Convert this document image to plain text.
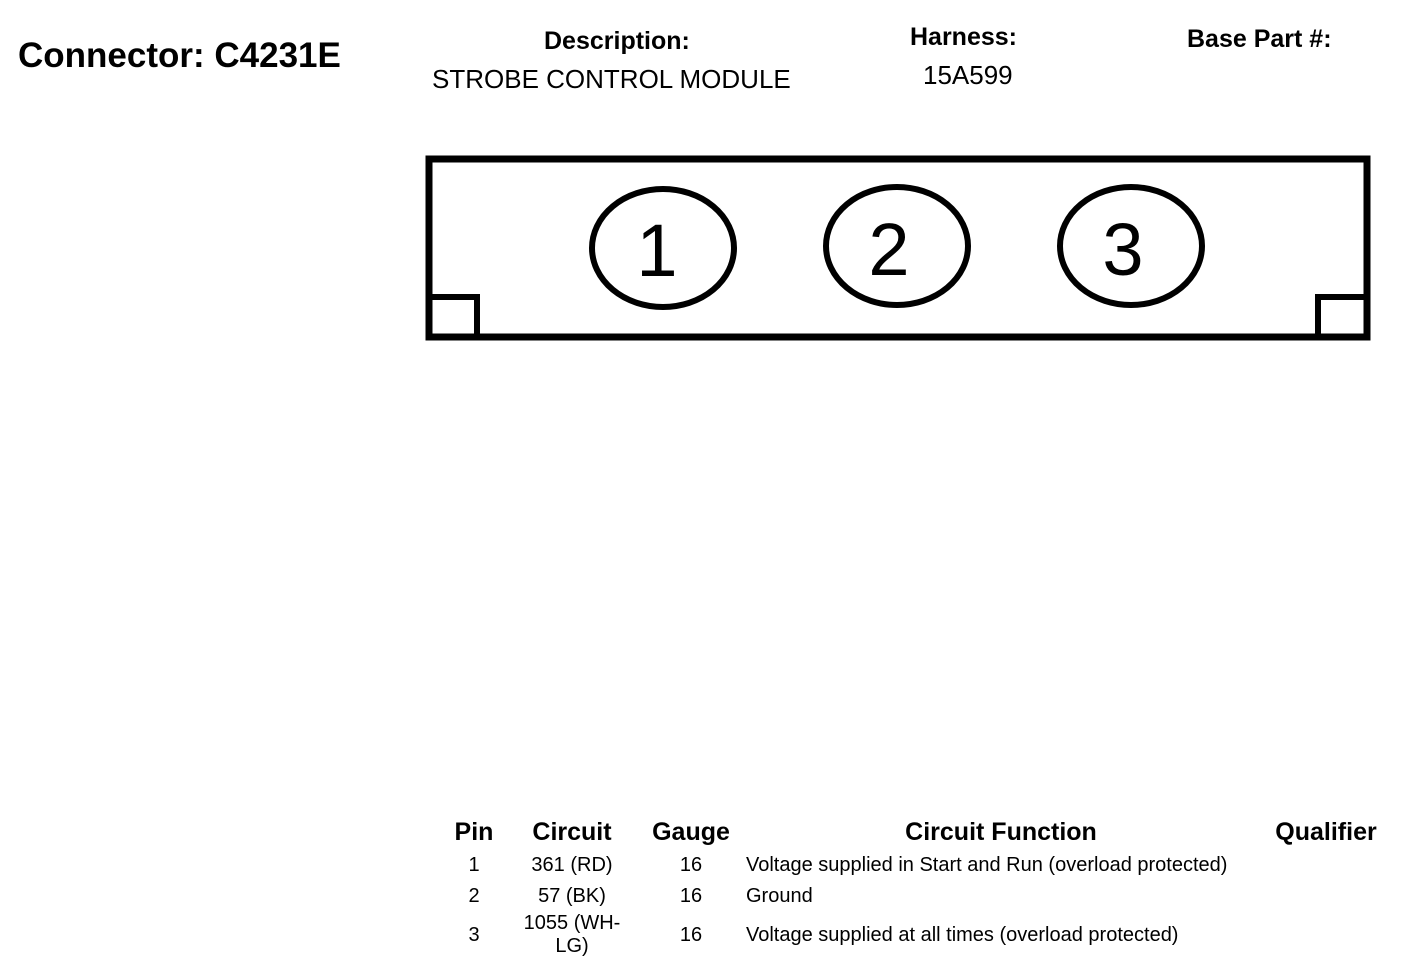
Connector: C4231E	Description:
STROBE CONTROL MODULE
Harness:
15A599
Base Part #:
1	2	3
Pin	Circuit	Gauge	Circuit Function	Qualifier
1	361 (RD)	16	Voltage supplied in Start and Run (overload protected)	
2	57 (BK)	16	Ground	
3	1055 (WH-LG)	16	Voltage supplied at all times (overload protected)	
